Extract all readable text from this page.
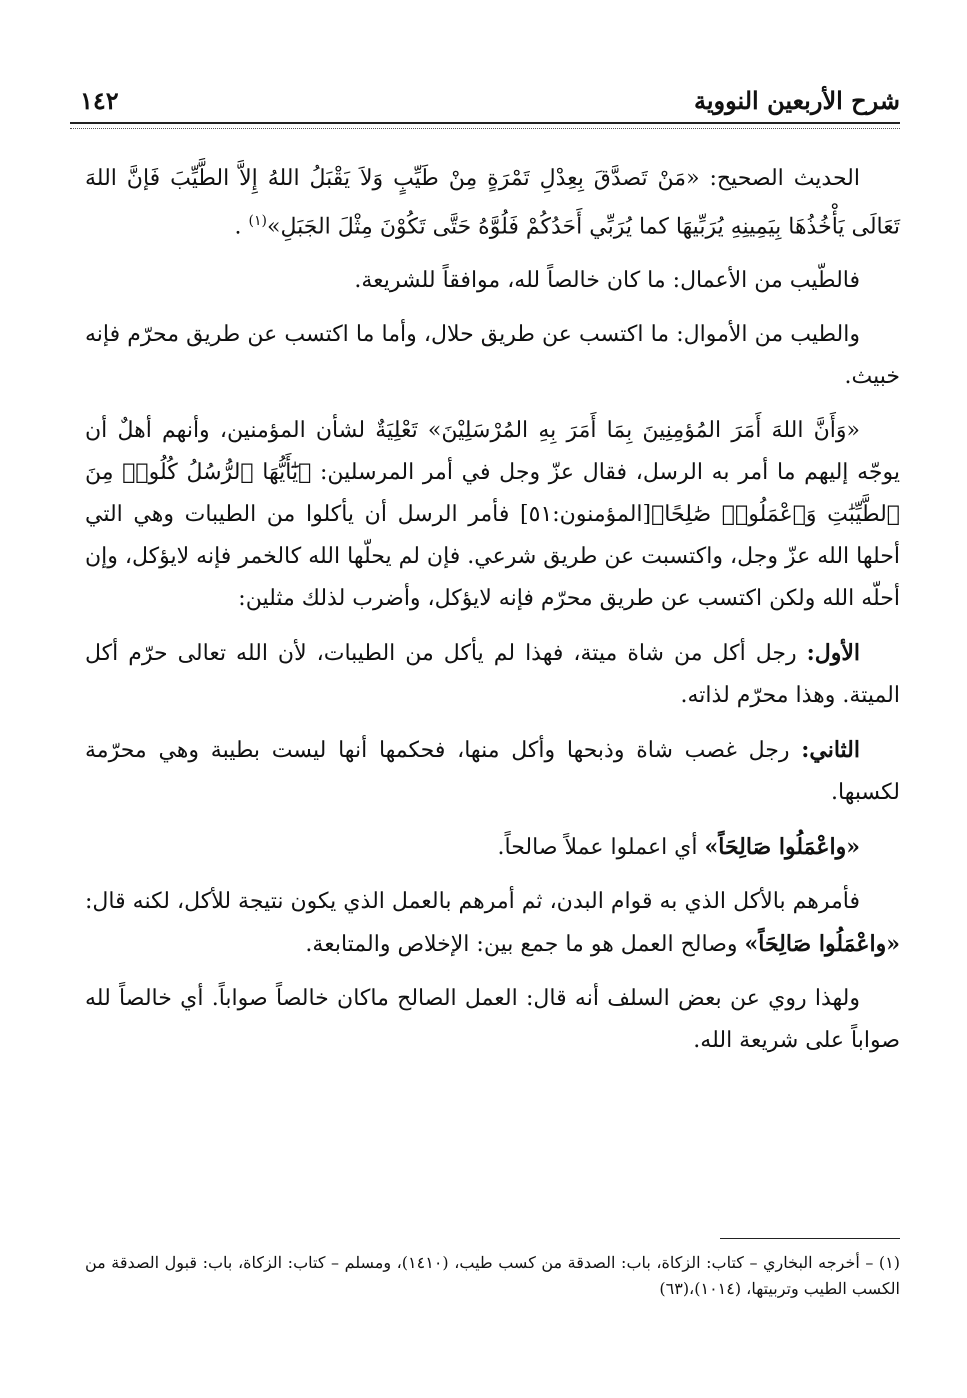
شرح الأربعين النووية
١٤٢

الحديث الصحيح: «مَنْ تَصدَّقَ بِعِدْلِ تَمْرَةٍ مِنْ طَيِّبٍ وَلاَ يَقْبَلُ اللهُ إِلاَّ الطَّيِّبَ فَإنَّ اللهَ تَعَالَى يَأْخُذُهَا بِيَمِينِهِ يُرَبِّيهَا كما يُرَبِّي أَحَدُكُمْ فَلُوَّهُ حَتَّى تَكُوْنَ مِثْلَ الجَبَلِ»$^{(١)}$ .

فالطّيب من الأعمال: ما كان خالصاً لله، موافقاً للشريعة.

والطيب من الأموال: ما اكتسب عن طريق حلال، وأما ما اكتسب عن طريق محرّم فإنه خبيث.

«وَأَنَّ اللهَ أَمَرَ المُؤمِنِينَ بِمَا أَمَرَ بِهِ المُرْسَلِيْنَ» تَعْلِيَةٌ لشأن المؤمنين، وأنهم أهلٌ أن يوجّه إليهم ما أمر به الرسل، فقال عزّ وجل في أمر المرسلين: ﴿يَٰٓأَيُّهَا ٱلرُّسُلُ كُلُوا۟ مِنَ ٱلطَّيِّبَٰتِ وَٱعْمَلُوا۟ صَٰلِحًا﴾[المؤمنون:٥١] فأمر الرسل أن يأكلوا من الطيبات وهي التي أحلها الله عزّ وجل، واكتسبت عن طريق شرعي. فإن لم يحلّها الله كالخمر فإنه لايؤكل، وإن أحلّه الله ولكن اكتسب عن طريق محرّم فإنه لايؤكل، وأضرب لذلك مثلين:

الأول: رجل أكل من شاة ميتة، فهذا لم يأكل من الطيبات، لأن الله تعالى حرّم أكل الميتة. وهذا محرّم لذاته.

الثاني: رجل غصب شاة وذبحها وأكل منها، فحكمها أنها ليست بطيبة وهي محرّمة لكسبها.

«واعْمَلُوا صَالِحَاً» أي اعملوا عملاً صالحاً.

فأمرهم بالأكل الذي به قوام البدن، ثم أمرهم بالعمل الذي يكون نتيجة للأكل، لكنه قال: «واعْمَلُوا صَالِحَاً» وصالح العمل هو ما جمع بين: الإخلاص والمتابعة.

ولهذا روي عن بعض السلف أنه قال: العمل الصالح ماكان خالصاً صواباً. أي خالصاً لله صواباً على شريعة الله.

(١) – أخرجه البخاري – كتاب: الزكاة، باب: الصدقة من كسب طيب، (١٤١٠)، ومسلم – كتاب: الزكاة، باب: قبول الصدقة من الكسب الطيب وتربيتها، (١٠١٤)،(٦٣)
